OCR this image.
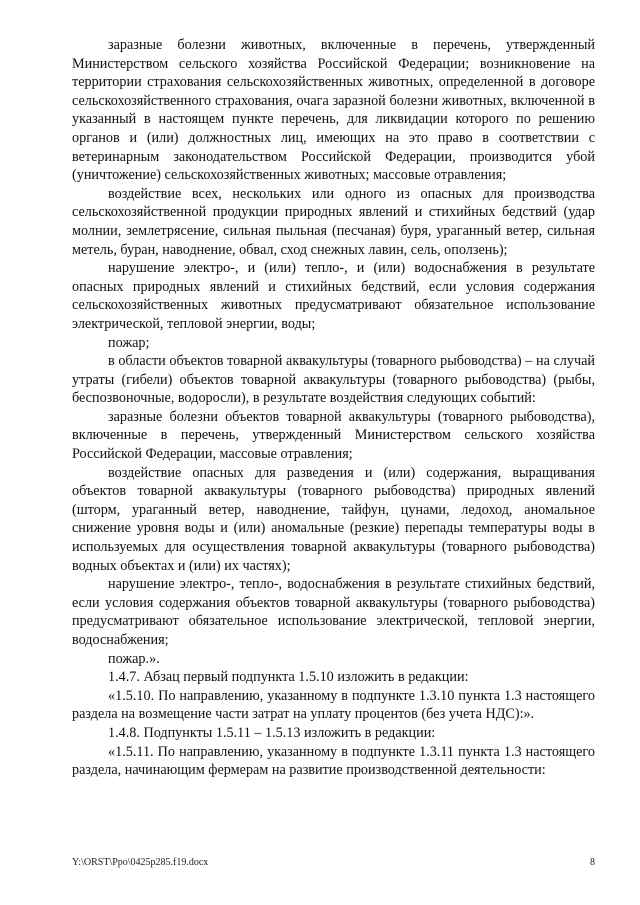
заразные болезни животных, включенные в перечень, утвержденный Министерством сельского хозяйства Российской Федерации; возникновение на территории страхования сельскохозяйственных животных, определенной в договоре сельскохозяйственного страхования, очага заразной болезни животных, включенной в указанный в настоящем пункте перечень, для ликвидации которого по решению органов и (или) должностных лиц, имеющих на это право в соответствии с ветеринарным законодательством Российской Федерации, производится убой (уничтожение) сельскохозяйственных животных; массовые отравления;

воздействие всех, нескольких или одного из опасных для производства сельскохозяйственной продукции природных явлений и стихийных бедствий (удар молнии, землетрясение, сильная пыльная (песчаная) буря, ураганный ветер, сильная метель, буран, наводнение, обвал, сход снежных лавин, сель, оползень);

нарушение электро-, и (или) тепло-, и (или) водоснабжения в результате опасных природных явлений и стихийных бедствий, если условия содержания сельскохозяйственных животных предусматривают обязательное использование электрической, тепловой энергии, воды;

пожар;

в области объектов товарной аквакультуры (товарного рыбоводства) – на случай утраты (гибели) объектов товарной аквакультуры (товарного рыбоводства) (рыбы, беспозвоночные, водоросли), в результате воздействия следующих событий:

заразные болезни объектов товарной аквакультуры (товарного рыбоводства), включенные в перечень, утвержденный Министерством сельского хозяйства Российской Федерации, массовые отравления;

воздействие опасных для разведения и (или) содержания, выращивания объектов товарной аквакультуры (товарного рыбоводства) природных явлений (шторм, ураганный ветер, наводнение, тайфун, цунами, ледоход, аномальное снижение уровня воды и (или) аномальные (резкие) перепады температуры воды в используемых для осуществления товарной аквакультуры (товарного рыбоводства) водных объектах и (или) их частях);

нарушение электро-, тепло-, водоснабжения в результате стихийных бедствий, если условия содержания объектов товарной аквакультуры (товарного рыбоводства) предусматривают обязательное использование электрической, тепловой энергии, водоснабжения;

пожар.».

1.4.7. Абзац первый подпункта 1.5.10 изложить в редакции:

«1.5.10. По направлению, указанному в подпункте 1.3.10 пункта 1.3 настоящего раздела на возмещение части затрат на уплату процентов (без учета НДС):».

1.4.8. Подпункты 1.5.11 – 1.5.13 изложить в редакции:

«1.5.11. По направлению, указанному в подпункте 1.3.11 пункта 1.3 настоящего раздела, начинающим фермерам на развитие производственной деятельности:

Y:\ORST\Ppo\0425p285.f19.docx	8
